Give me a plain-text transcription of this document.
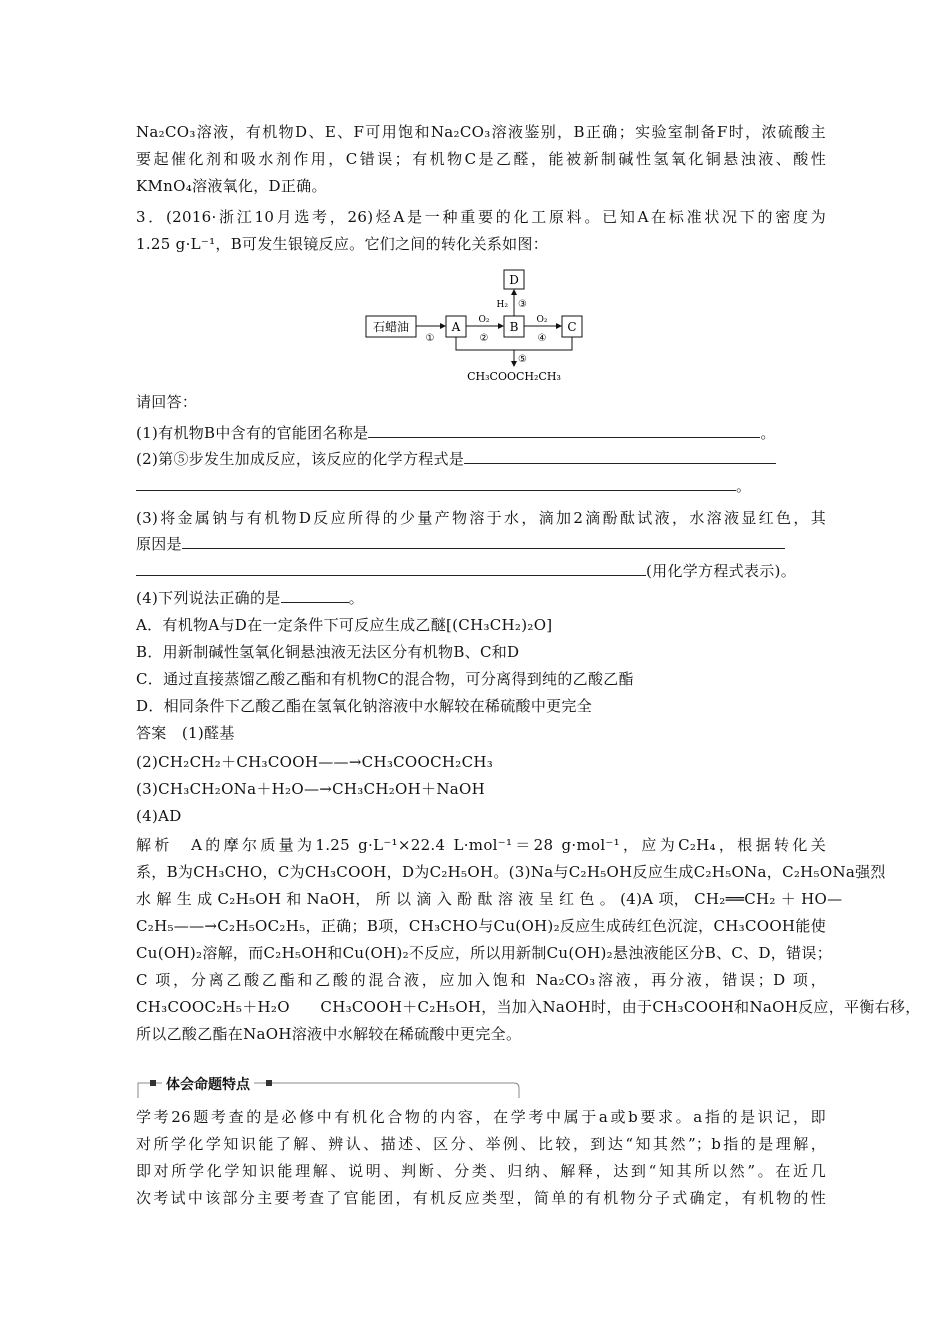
Na₂CO₃溶液，有机物D、E、F可用饱和Na₂CO₃溶液鉴别，B正确；实验室制备F时，浓硫酸主
要起催化剂和吸水剂作用，C错误；有机物C是乙醛，能被新制碱性氢氧化铜悬浊液、酸性
KMnO₄溶液氧化，D正确。
3．(2016·浙江10月选考，26)烃A是一种重要的化工原料。已知A在标准状况下的密度为
1.25 g·L⁻¹，B可发生银镜反应。它们之间的转化关系如图：
石蜡油	A	B	C
D
①
O₂
②
O₂
④
H₂ ③
⑤
CH₃COOCH₂CH₃
请回答：
(1)有机物B中含有的官能团名称是	。
(2)第⑤步发生加成反应，该反应的化学方程式是
。
(3)将金属钠与有机物D反应所得的少量产物溶于水，滴加2滴酚酞试液，水溶液显红色，其
原因是
(用化学方程式表示)。
(4)下列说法正确的是	。
A．有机物A与D在一定条件下可反应生成乙醚[(CH₃CH₂)₂O]
B．用新制碱性氢氧化铜悬浊液无法区分有机物B、C和D
C．通过直接蒸馏乙酸乙酯和有机物C的混合物，可分离得到纯的乙酸乙酯
D．相同条件下乙酸乙酯在氢氧化钠溶液中水解较在稀硫酸中更完全
答案　(1)醛基
(2)CH₂CH₂＋CH₃COOH——→CH₃COOCH₂CH₃
(3)CH₃CH₂ONa＋H₂O—→CH₃CH₂OH＋NaOH
(4)AD
解析　A的摩尔质量为1.25 g·L⁻¹×22.4 L·mol⁻¹＝28 g·mol⁻¹，应为C₂H₄，根据转化关
系，B为CH₃CHO，C为CH₃COOH，D为C₂H₅OH。(3)Na与C₂H₅OH反应生成C₂H₅ONa，C₂H₅ONa强烈
水 解 生 成 C₂H₅OH 和 NaOH， 所 以 滴 入 酚 酞 溶 液 呈 红 色 。 (4)A 项， CH₂══CH₂ ＋ HO—
C₂H₅——→C₂H₅OC₂H₅，正确；B项，CH₃CHO与Cu(OH)₂反应生成砖红色沉淀，CH₃COOH能使
Cu(OH)₂溶解，而C₂H₅OH和Cu(OH)₂不反应，所以用新制Cu(OH)₂悬浊液能区分B、C、D，错误；
C 项，分离乙酸乙酯和乙酸的混合液，应加入饱和 Na₂CO₃溶液，再分液，错误；D 项，
CH₃COOC₂H₅＋H₂O　　CH₃COOH＋C₂H₅OH，当加入NaOH时，由于CH₃COOH和NaOH反应，平衡右移，
所以乙酸乙酯在NaOH溶液中水解较在稀硫酸中更完全。
体会命题特点
学考26题考查的是必修中有机化合物的内容，在学考中属于a或b要求。a指的是识记，即
对所学化学知识能了解、辨认、描述、区分、举例、比较，到达“知其然”；b指的是理解，
即对所学化学知识能理解、说明、判断、分类、归纳、解释，达到“知其所以然”。在近几
次考试中该部分主要考查了官能团，有机反应类型，简单的有机物分子式确定，有机物的性
